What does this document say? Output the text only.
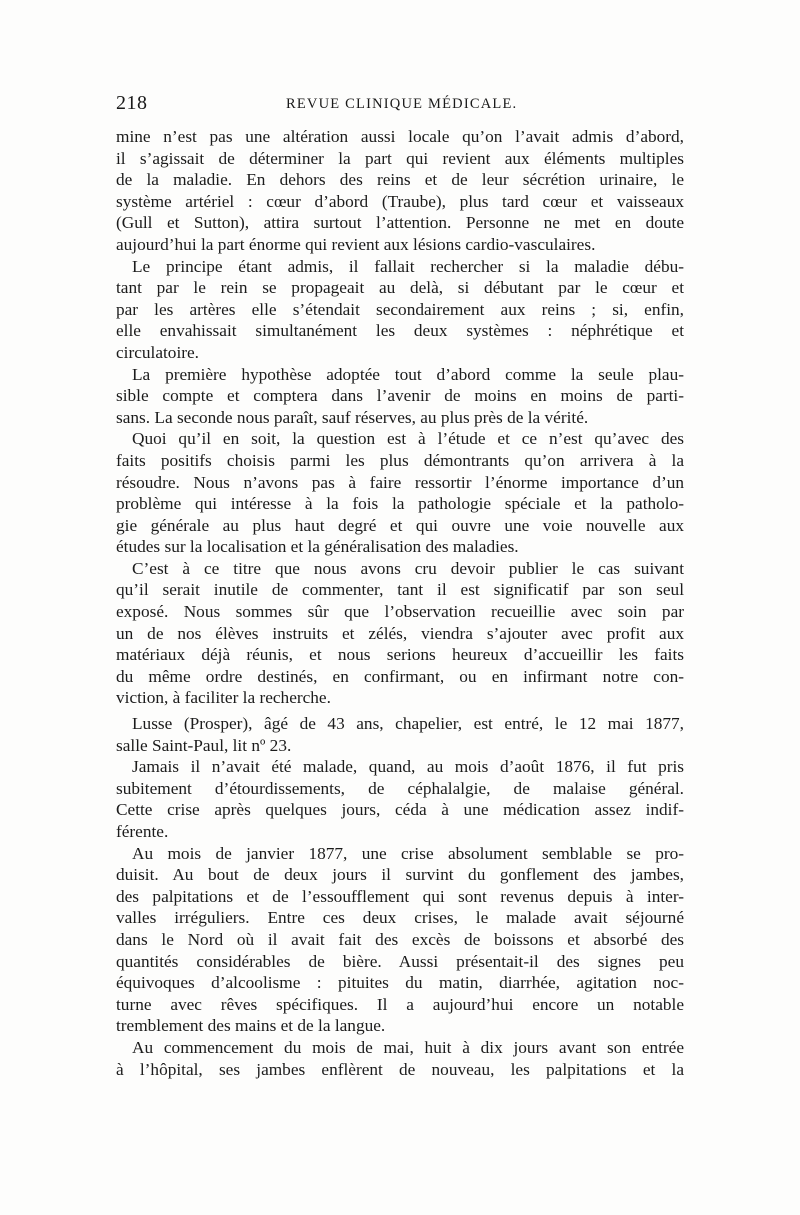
218	REVUE CLINIQUE MÉDICALE.
mine n’est pas une altération aussi locale qu’on l’avait admis d’abord,
il s’agissait de déterminer la part qui revient aux éléments multiples
de la maladie. En dehors des reins et de leur sécrétion urinaire, le
système artériel : cœur d’abord (Traube), plus tard cœur et vaisseaux
(Gull et Sutton), attira surtout l’attention. Personne ne met en doute
aujourd’hui la part énorme qui revient aux lésions cardio-vasculaires.
Le principe étant admis, il fallait rechercher si la maladie débu-
tant par le rein se propageait au delà, si débutant par le cœur et
par les artères elle s’étendait secondairement aux reins ; si, enfin,
elle envahissait simultanément les deux systèmes : néphrétique et
circulatoire.
La première hypothèse adoptée tout d’abord comme la seule plau-
sible compte et comptera dans l’avenir de moins en moins de parti-
sans. La seconde nous paraît, sauf réserves, au plus près de la vérité.
Quoi qu’il en soit, la question est à l’étude et ce n’est qu’avec des
faits positifs choisis parmi les plus démontrants qu’on arrivera à la
résoudre. Nous n’avons pas à faire ressortir l’énorme importance d’un
problème qui intéresse à la fois la pathologie spéciale et la patholo-
gie générale au plus haut degré et qui ouvre une voie nouvelle aux
études sur la localisation et la généralisation des maladies.
C’est à ce titre que nous avons cru devoir publier le cas suivant
qu’il serait inutile de commenter, tant il est significatif par son seul
exposé. Nous sommes sûr que l’observation recueillie avec soin par
un de nos élèves instruits et zélés, viendra s’ajouter avec profit aux
matériaux déjà réunis, et nous serions heureux d’accueillir les faits
du même ordre destinés, en confirmant, ou en infirmant notre con-
viction, à faciliter la recherche.
Lusse (Prosper), âgé de 43 ans, chapelier, est entré, le 12 mai 1877,
salle Saint-Paul, lit nº 23.
Jamais il n’avait été malade, quand, au mois d’août 1876, il fut pris
subitement d’étourdissements, de céphalalgie, de malaise général.
Cette crise après quelques jours, céda à une médication assez indif-
férente.
Au mois de janvier 1877, une crise absolument semblable se pro-
duisit. Au bout de deux jours il survint du gonflement des jambes,
des palpitations et de l’essoufflement qui sont revenus depuis à inter-
valles irréguliers. Entre ces deux crises, le malade avait séjourné
dans le Nord où il avait fait des excès de boissons et absorbé des
quantités considérables de bière. Aussi présentait-il des signes peu
équivoques d’alcoolisme : pituites du matin, diarrhée, agitation noc-
turne avec rêves spécifiques. Il a aujourd’hui encore un notable
tremblement des mains et de la langue.
Au commencement du mois de mai, huit à dix jours avant son entrée
à l’hôpital, ses jambes enflèrent de nouveau, les palpitations et la
